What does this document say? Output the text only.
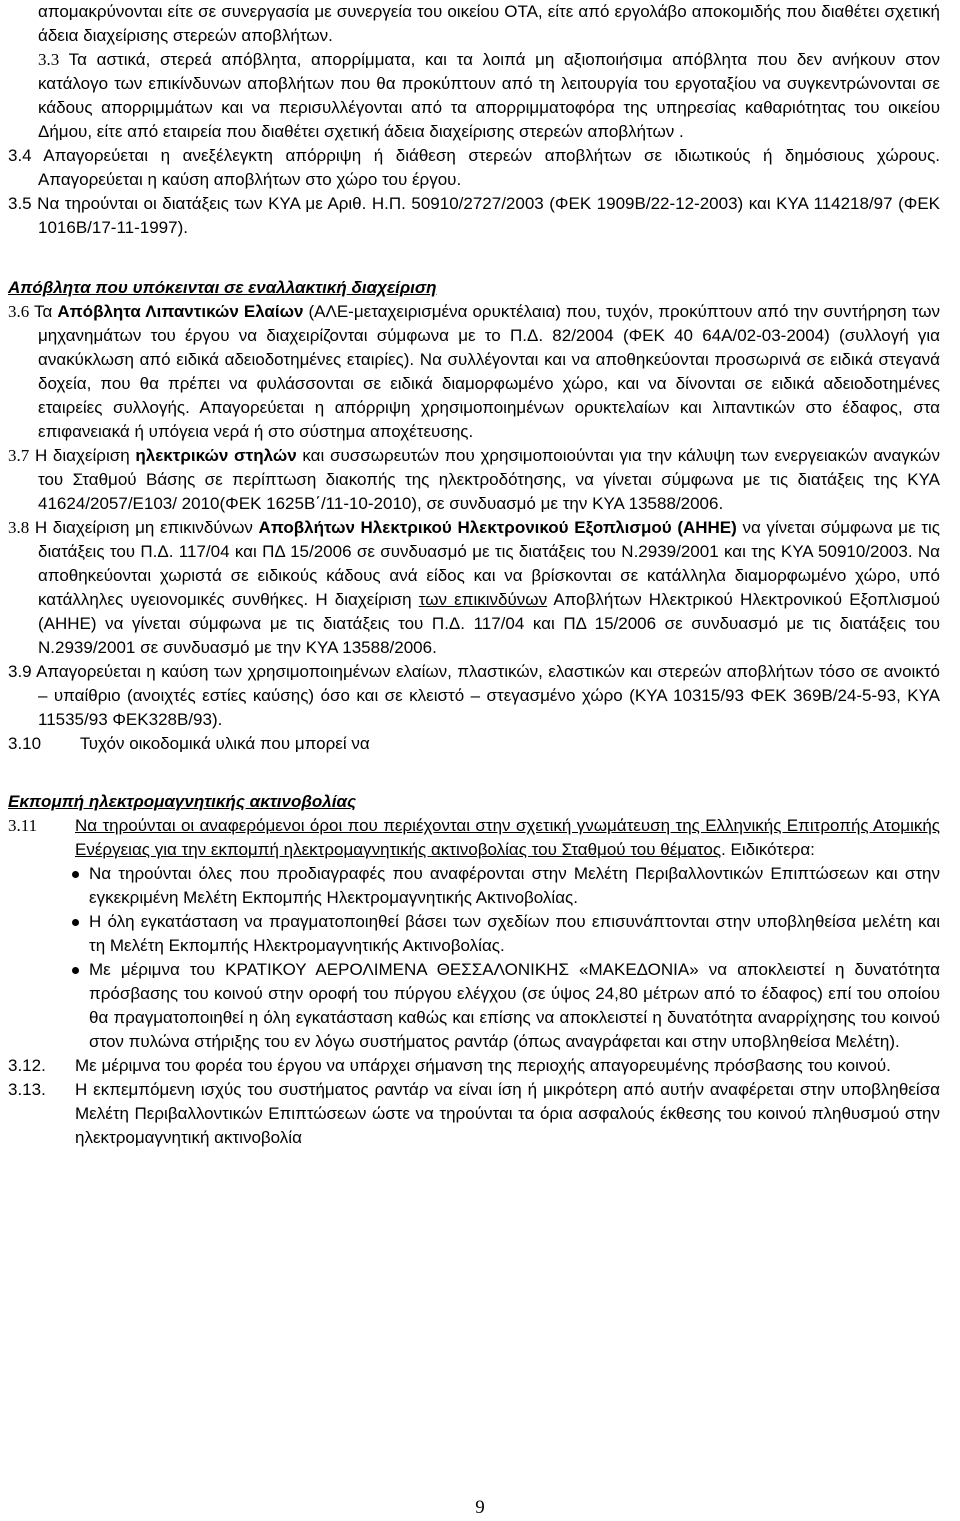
απομακρύνονται είτε σε συνεργασία με συνεργεία του οικείου ΟΤΑ, είτε από εργολάβο αποκομιδής που διαθέτει σχετική άδεια διαχείρισης στερεών αποβλήτων.

3.3 Τα αστικά, στερεά απόβλητα, απορρίμματα, και τα λοιπά μη αξιοποιήσιμα απόβλητα που δεν ανήκουν στον κατάλογο των επικίνδυνων αποβλήτων που θα προκύπτουν από τη λειτουργία του εργοταξίου να συγκεντρώνονται σε κάδους απορριμμάτων και να περισυλλέγονται από τα απορριμματοφόρα της υπηρεσίας καθαριότητας του οικείου Δήμου, είτε από εταιρεία που διαθέτει σχετική άδεια διαχείρισης στερεών αποβλήτων .

3.4 Απαγορεύεται η ανεξέλεγκτη απόρριψη ή διάθεση στερεών αποβλήτων σε ιδιωτικούς ή δημόσιους χώρους. Απαγορεύεται η καύση αποβλήτων στο χώρο του έργου.

3.5 Να τηρούνται οι διατάξεις των ΚΥΑ με Αριθ. Η.Π. 50910/2727/2003 (ΦΕΚ 1909Β/22-12-2003) και ΚΥΑ 114218/97 (ΦΕΚ 1016Β/17-11-1997).

Απόβλητα που υπόκεινται σε εναλλακτική διαχείριση

3.6 Τα Απόβλητα Λιπαντικών Ελαίων (ΑΛΕ-μεταχειρισμένα ορυκτέλαια) που, τυχόν, προκύπτουν από την συντήρηση των μηχανημάτων του έργου να διαχειρίζονται σύμφωνα με το Π.Δ. 82/2004 (ΦΕΚ 40 64Α/02-03-2004) (συλλογή για ανακύκλωση από ειδικά αδειοδοτημένες εταιρίες). Να συλλέγονται και να αποθηκεύονται προσωρινά σε ειδικά στεγανά δοχεία, που θα πρέπει να φυλάσσονται σε ειδικά διαμορφωμένο χώρο, και να δίνονται σε ειδικά αδειοδοτημένες εταιρείες συλλογής. Απαγορεύεται η απόρριψη χρησιμοποιημένων ορυκτελαίων και λιπαντικών στο έδαφος, στα επιφανειακά ή υπόγεια νερά ή στο σύστημα αποχέτευσης.

3.7 Η διαχείριση ηλεκτρικών στηλών και συσσωρευτών που χρησιμοποιούνται για την κάλυψη των ενεργειακών αναγκών του Σταθμού Βάσης σε περίπτωση διακοπής της ηλεκτροδότησης, να γίνεται σύμφωνα με τις διατάξεις της ΚΥΑ 41624/2057/Ε103/ 2010(ΦΕΚ 1625Β΄/11-10-2010), σε συνδυασμό με την ΚΥΑ 13588/2006.

3.8 Η διαχείριση μη επικινδύνων Αποβλήτων Ηλεκτρικού Ηλεκτρονικού Εξοπλισμού (ΑΗΗΕ) να γίνεται σύμφωνα με τις διατάξεις του Π.Δ. 117/04 και ΠΔ 15/2006 σε συνδυασμό με τις διατάξεις του Ν.2939/2001 και της ΚΥΑ 50910/2003. Να αποθηκεύονται χωριστά σε ειδικούς κάδους ανά είδος και να βρίσκονται σε κατάλληλα διαμορφωμένο χώρο, υπό κατάλληλες υγειονομικές συνθήκες. Η διαχείριση των επικινδύνων Αποβλήτων Ηλεκτρικού Ηλεκτρονικού Εξοπλισμού (ΑΗΗΕ) να γίνεται σύμφωνα με τις διατάξεις του Π.Δ. 117/04 και ΠΔ 15/2006 σε συνδυασμό με τις διατάξεις του Ν.2939/2001 σε συνδυασμό με την ΚΥΑ 13588/2006.

3.9 Απαγορεύεται η καύση των χρησιμοποιημένων ελαίων, πλαστικών, ελαστικών και στερεών αποβλήτων τόσο σε ανοικτό – υπαίθριο (ανοιχτές εστίες καύσης) όσο και σε κλειστό – στεγασμένο χώρο (ΚΥΑ 10315/93 ΦΕΚ 369Β/24-5-93, ΚΥΑ 11535/93 ΦΕΚ328Β/93).

3.10 Τυχόν οικοδομικά υλικά που μπορεί να

Εκπομπή ηλεκτρομαγνητικής ακτινοβολίας

3.11	Να τηρούνται οι αναφερόμενοι όροι που περιέχονται στην σχετική γνωμάτευση της Ελληνικής Επιτροπής Ατομικής Ενέργειας για την εκπομπή ηλεκτρομαγνητικής ακτινοβολίας του Σταθμού του θέματος. Ειδικότερα:
Να τηρούνται όλες που προδιαγραφές που αναφέρονται στην Μελέτη Περιβαλλοντικών Επιπτώσεων και στην εγκεκριμένη Μελέτη Εκπομπής Ηλεκτρομαγνητικής Ακτινοβολίας.
Η όλη εγκατάσταση να πραγματοποιηθεί βάσει των σχεδίων που επισυνάπτονται στην υποβληθείσα μελέτη και τη Μελέτη Εκπομπής Ηλεκτρομαγνητικής Ακτινοβολίας.
Με μέριμνα του ΚΡΑΤΙΚΟΥ ΑΕΡΟΛΙΜΕΝΑ ΘΕΣΣΑΛΟΝΙΚΗΣ «ΜΑΚΕΔΟΝΙΑ» να αποκλειστεί η δυνατότητα πρόσβασης του κοινού στην οροφή του πύργου ελέγχου (σε ύψος 24,80 μέτρων από το έδαφος) επί του οποίου θα πραγματοποιηθεί η όλη εγκατάσταση καθώς και επίσης να αποκλειστεί η δυνατότητα αναρρίχησης του κοινού στον πυλώνα στήριξης του εν λόγω συστήματος ραντάρ (όπως αναγράφεται και στην υποβληθείσα Μελέτη).
3.12.	Με μέριμνα του φορέα του έργου να υπάρχει σήμανση της περιοχής απαγορευμένης πρόσβασης του κοινού.
3.13.	Η εκπεμπόμενη ισχύς του συστήματος ραντάρ να είναι ίση ή μικρότερη από αυτήν αναφέρεται στην υποβληθείσα Μελέτη Περιβαλλοντικών Επιπτώσεων ώστε να τηρούνται τα όρια ασφαλούς έκθεσης του κοινού πληθυσμού στην ηλεκτρομαγνητική ακτινοβολία
9
